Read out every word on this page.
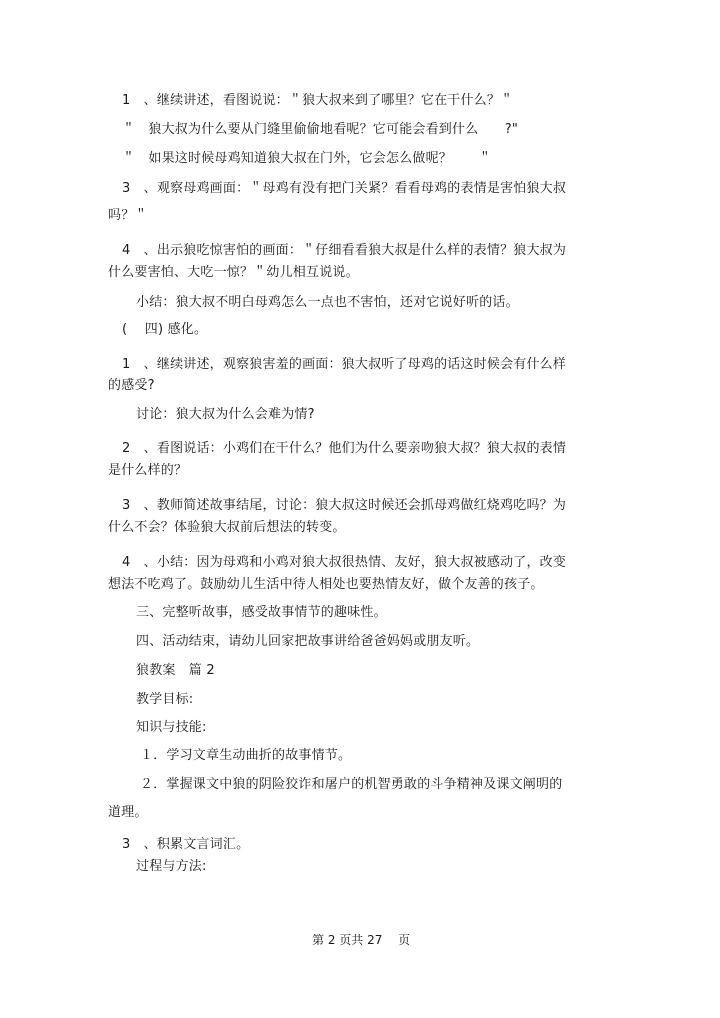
1　、继续讲述，看图说说：＂狼大叔来到了哪里？它在干什么？＂
＂　狼大叔为什么要从门缝里偷偷地看呢？它可能会看到什么　　?"
＂　如果这时候母鸡知道狼大叔在门外，它会怎么做呢？　　＂
3　、观察母鸡画面：＂母鸡有没有把门关紧？看看母鸡的表情是害怕狼大叔
吗？＂
4　、出示狼吃惊害怕的画面：＂仔细看看狼大叔是什么样的表情？狼大叔为
什么要害怕、大吃一惊？＂幼儿相互说说。
小结：狼大叔不明白母鸡怎么一点也不害怕，还对它说好听的话。
(　 四) 感化。
1　、继续讲述，观察狼害羞的画面：狼大叔听了母鸡的话这时候会有什么样
的感受?
讨论：狼大叔为什么会难为情?
2　、看图说话：小鸡们在干什么？他们为什么要亲吻狼大叔？狼大叔的表情
是什么样的？
3　、教师简述故事结尾，讨论：狼大叔这时候还会抓母鸡做红烧鸡吃吗？为
什么不会？体验狼大叔前后想法的转变。
4　、小结：因为母鸡和小鸡对狼大叔很热情、友好，狼大叔被感动了，改变
想法不吃鸡了。鼓励幼儿生活中待人相处也要热情友好，做个友善的孩子。
三、完整听故事，感受故事情节的趣味性。
四、活动结束，请幼儿回家把故事讲给爸爸妈妈或朋友听。
狼教案　篇 2
教学目标:
知识与技能:
１．学习文章生动曲折的故事情节。
２．掌握课文中狼的阴险狡诈和屠户的机智勇敢的斗争精神及课文阐明的
道理。
3　、积累文言词汇。
过程与方法:
第 2 页共 27　 页
